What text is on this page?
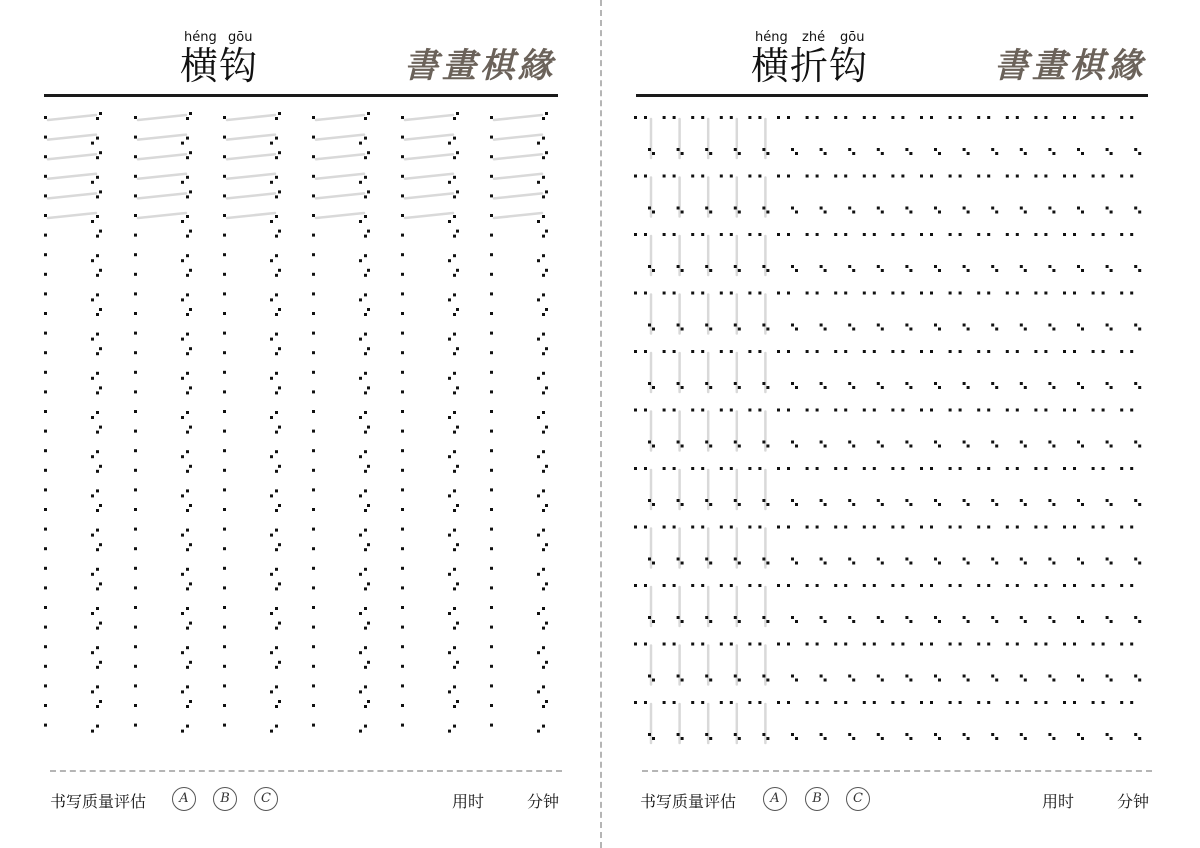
héng gōu
横钩	書畫棋緣
书写质量评估	A	B	C	用时	分钟
héng zhé gōu
横折钩	書畫棋緣
书写质量评估	A	B	C	用时	分钟
